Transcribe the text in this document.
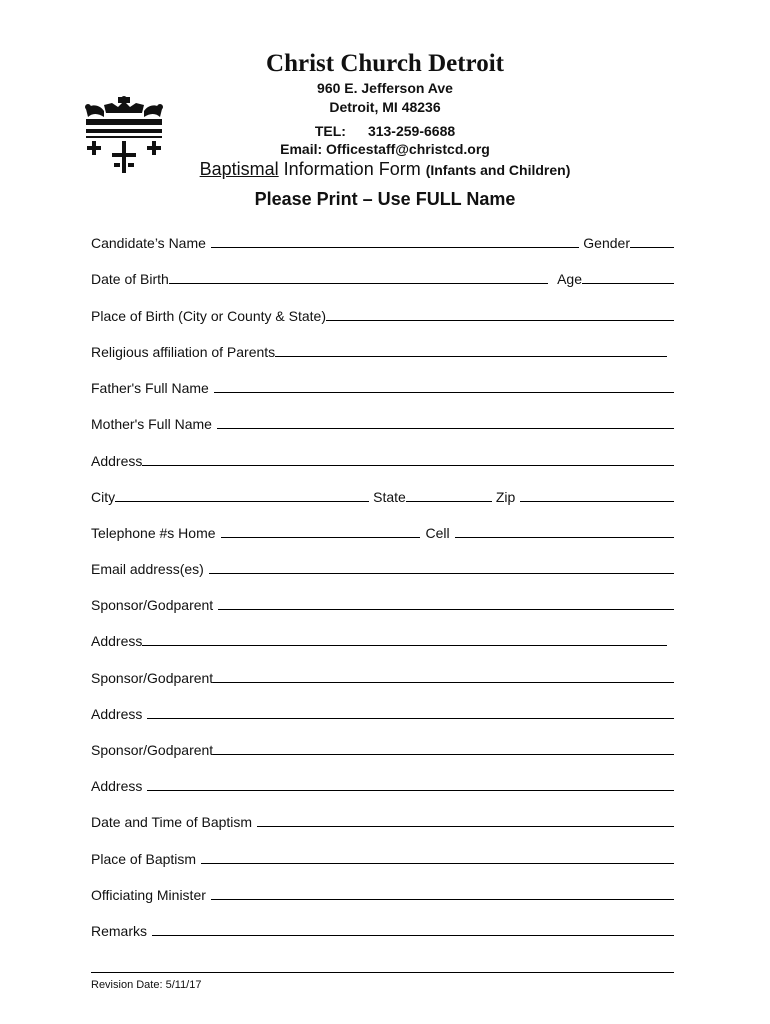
Christ Church Detroit
960 E. Jefferson Ave
Detroit, MI 48236
TEL: 313-259-6688
Email: Officestaff@christcd.org
Baptismal Information Form (Infants and Children)
Please Print – Use FULL Name
Candidate’s Name	Gender
Date of Birth	Age
Place of Birth (City or County & State)
Religious affiliation of Parents
Father's Full Name
Mother's Full Name
Address
City	State	Zip
Telephone #s Home	Cell
Email address(es)
Sponsor/Godparent
Address
Sponsor/Godparent
Address
Sponsor/Godparent
Address
Date and Time of Baptism
Place of Baptism
Officiating Minister
Remarks
Revision Date: 5/11/17
